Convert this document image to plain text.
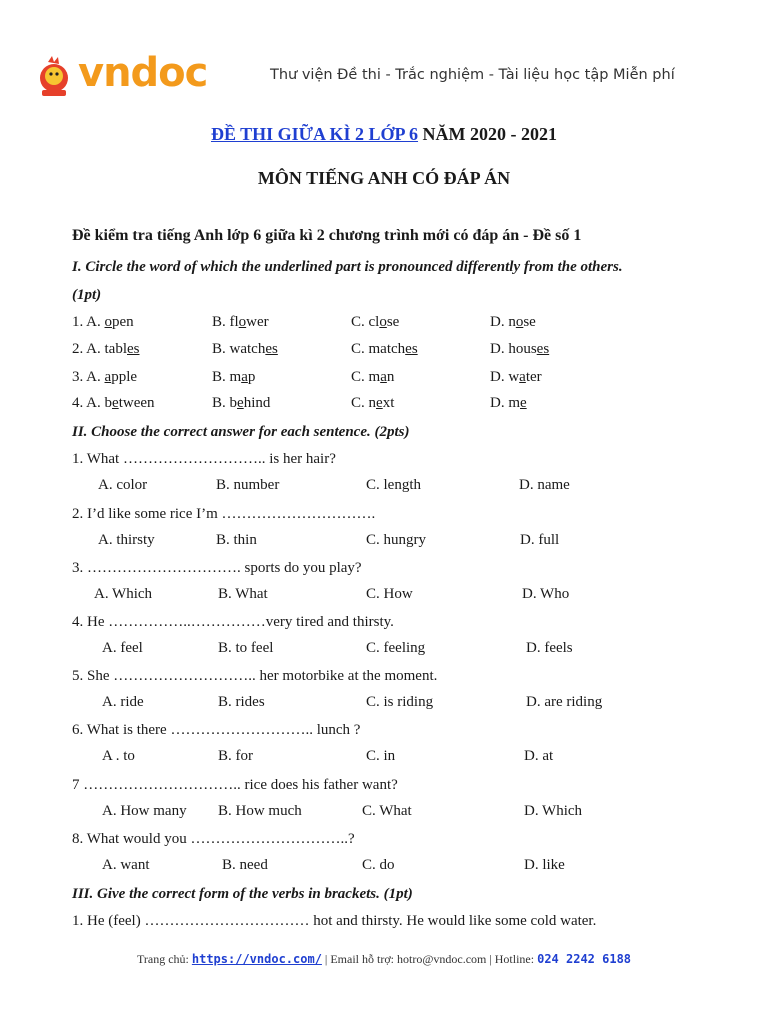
vndoc	Thư viện Đề thi - Trắc nghiệm - Tài liệu học tập Miễn phí
ĐỀ THI GIỮA KÌ 2 LỚP 6 NĂM 2020 - 2021
MÔN TIẾNG ANH CÓ ĐÁP ÁN
Đề kiểm tra tiếng Anh lớp 6 giữa kì 2 chương trình mới có đáp án - Đề số 1
I. Circle the word of which the underlined part is pronounced differently from the others.
(1pt)
1. A. open	B. flower	C. close	D. nose
2. A. tables	B. watches	C. matches	D. houses
3. A. apple	B. map	C. man	D. water
4. A. between	B. behind	C. next	D. me
II. Choose the correct answer for each sentence. (2pts)
1. What ……………………….. is her hair?
A. color	B. number	C. length	D. name
2. I’d like some rice I’m ………………………….
A. thirsty	B. thin	C. hungry	D. full
3. …………………………. sports do you play?
A. Which	B. What	C. How	D. Who
4. He ……………..……………very tired and thirsty.
A. feel	B. to feel	C. feeling	D. feels
5. She ……………………….. her motorbike at the moment.
A. ride	B. rides	C. is riding	D. are riding
6. What is there ……………………….. lunch ?
A . to	B. for	C. in	D. at
7 ………………………….. rice does his father want?
A. How many B. How much	C. What	D. Which
8. What would you …………………………..?
A. want	B. need	C. do	D. like
III. Give the correct form of the verbs in brackets. (1pt)
1. He (feel) …………………………… hot and thirsty. He would like some cold water.
Trang chủ: https://vndoc.com/ | Email hỗ trợ: hotro@vndoc.com | Hotline: 024 2242 6188
